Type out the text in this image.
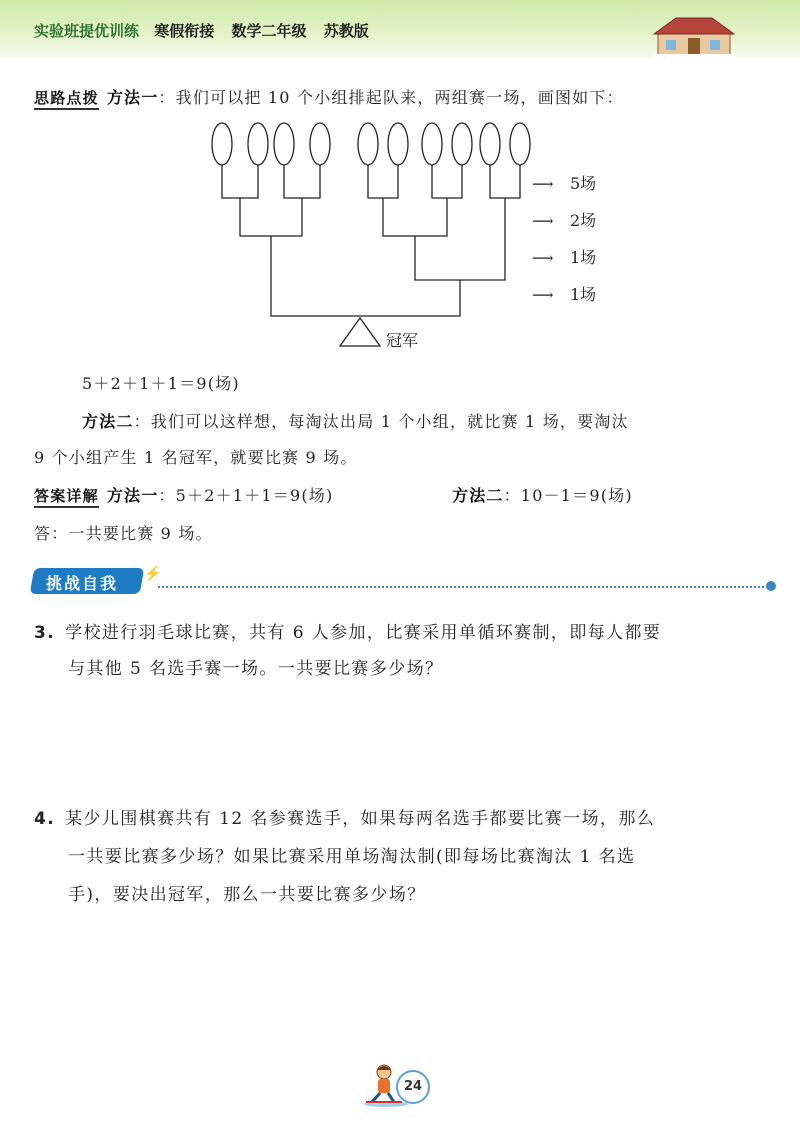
实验班提优训练 寒假衔接 数学二年级 苏教版
思路点拨 方法一：我们可以把 10 个小组排起队来，两组赛一场，画图如下：
冠军
⟶ 5场
⟶ 2场
⟶ 1场
⟶ 1场
5＋2＋1＋1＝9(场)
方法二：我们可以这样想，每淘汰出局 1 个小组，就比赛 1 场，要淘汰
9 个小组产生 1 名冠军，就要比赛 9 场。
答案详解 方法一：5＋2＋1＋1＝9(场)	方法二：10－1＝9(场)
答：一共要比赛 9 场。
挑战自我 ⚡
3. 学校进行羽毛球比赛，共有 6 人参加，比赛采用单循环赛制，即每人都要
与其他 5 名选手赛一场。一共要比赛多少场？
4. 某少儿围棋赛共有 12 名参赛选手，如果每两名选手都要比赛一场，那么
一共要比赛多少场？如果比赛采用单场淘汰制(即每场比赛淘汰 1 名选
手)，要决出冠军，那么一共要比赛多少场？
24
